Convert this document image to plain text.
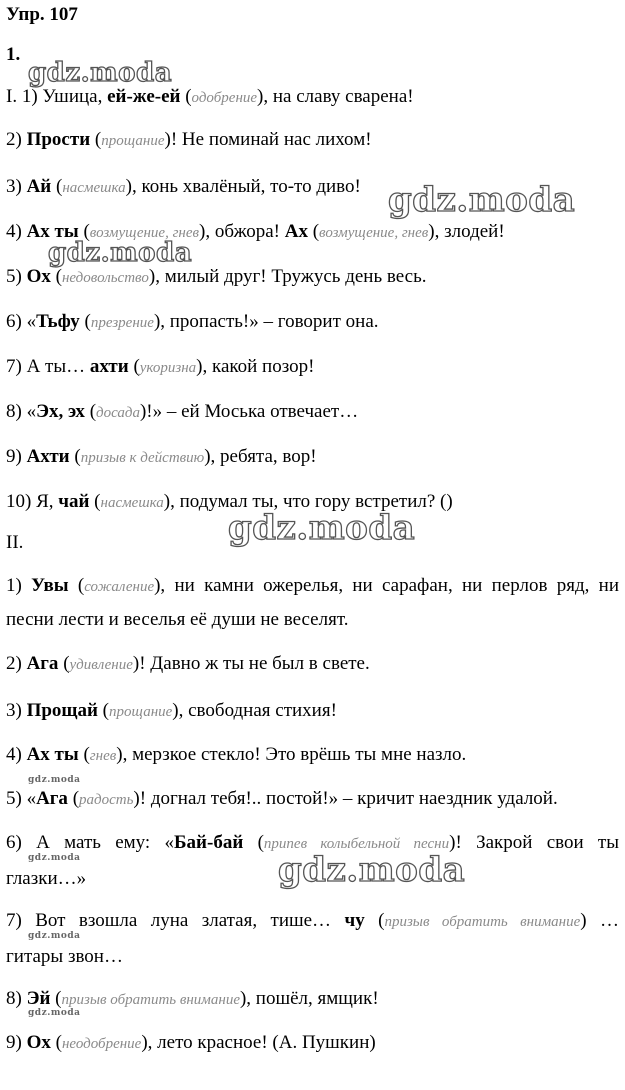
Упр. 107
1.
I. 1) Ушица, ей-же-ей (одобрение), на славу сварена!
2) Прости (прощание)! Не поминай нас лихом!
3) Ай (насмешка), конь хвалёный, то-то диво!
4) Ах ты (возмущение, гнев), обжора! Ах (возмущение, гнев), злодей!
5) Ох (недовольство), милый друг! Тружусь день весь.
6) «Тьфу (презрение), пропасть!» – говорит она.
7) А ты… ахти (укоризна), какой позор!
8) «Эх, эх (досада)!» – ей Моська отвечает…
9) Ахти (призыв к действию), ребята, вор!
10) Я, чай (насмешка), подумал ты, что гору встретил? ()
II.
1) Увы (сожаление), ни камни ожерелья, ни сарафан, ни перлов ряд, ни
песни лести и веселья её души не веселят.
2) Ага (удивление)! Давно ж ты не был в свете.
3) Прощай (прощание), свободная стихия!
4) Ах ты (гнев), мерзкое стекло! Это врёшь ты мне назло.
5) «Ага (радость)! догнал тебя!.. постой!» – кричит наездник удалой.
6) А мать ему: «Бай-бай (припев колыбельной песни)! Закрой свои ты
глазки…»
7) Вот взошла луна златая, тише… чу (призыв обратить внимание) …
гитары звон…
8) Эй (призыв обратить внимание), пошёл, ямщик!
9) Ох (неодобрение), лето красное! (А. Пушкин)
gdz.moda
gdz.moda
gdz.moda
gdz.moda
gdz.moda
gdz.moda
gdz.moda
gdz.moda
gdz.moda
